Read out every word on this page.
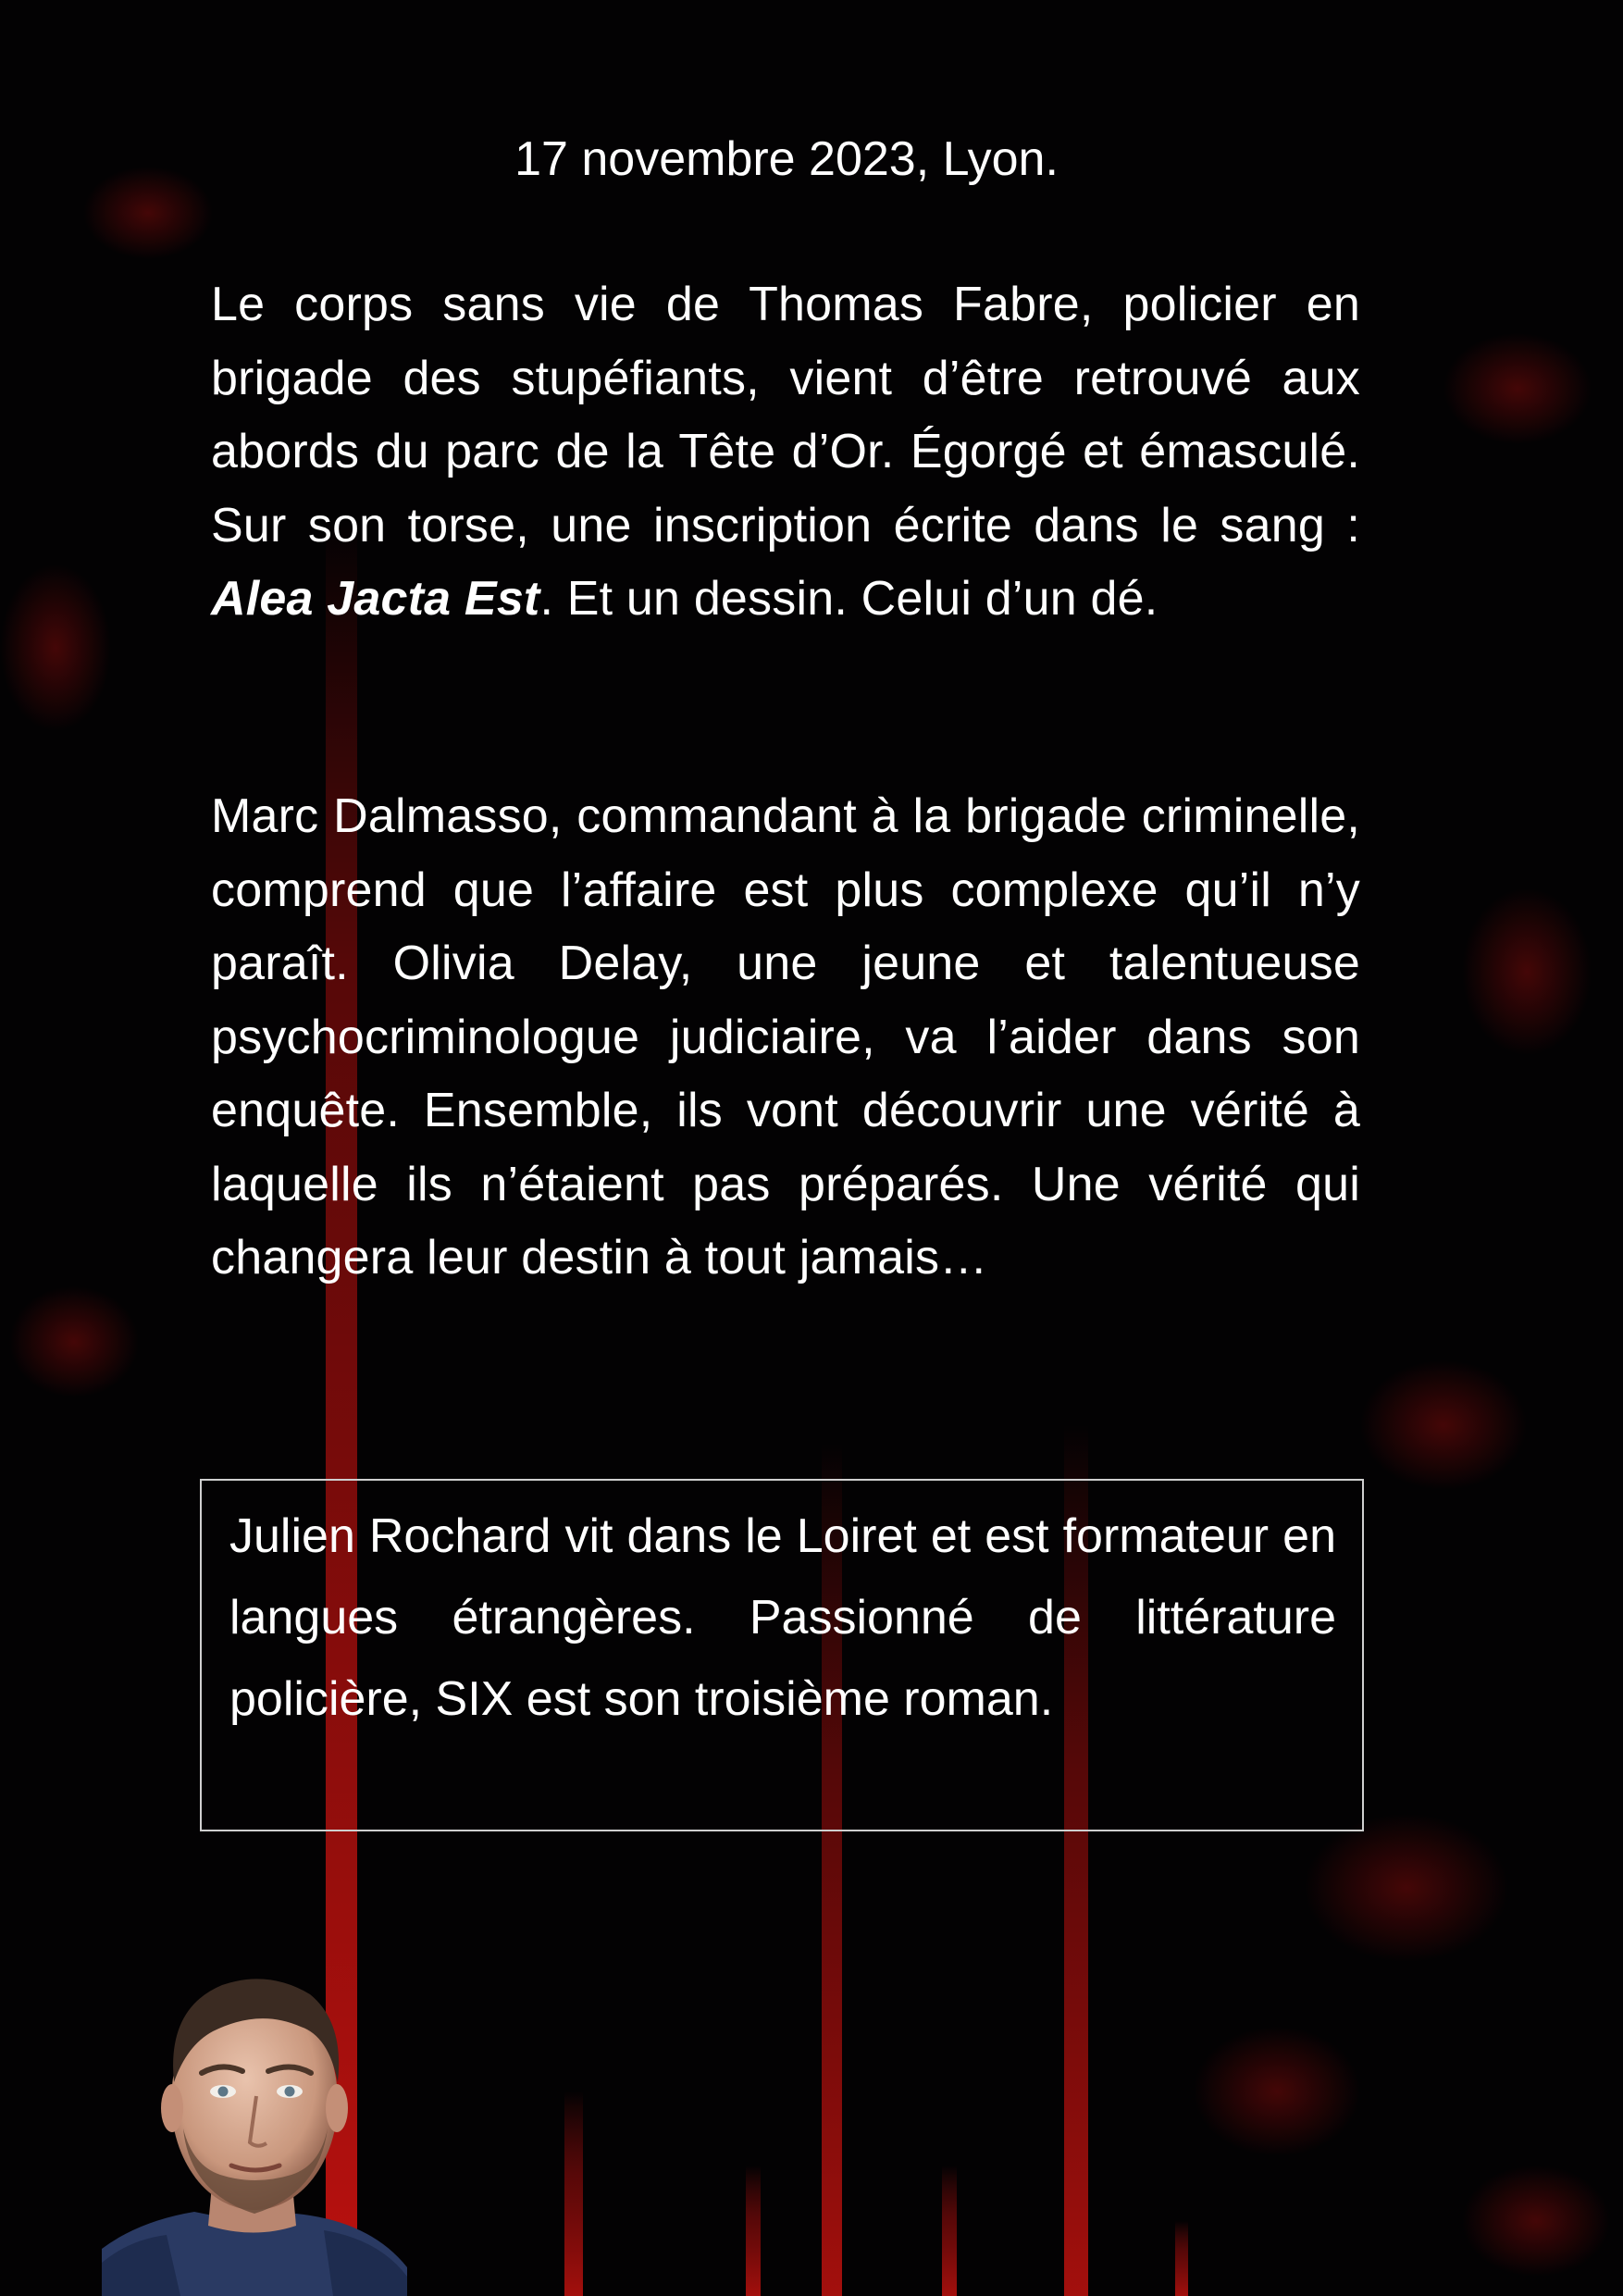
17 novembre 2023, Lyon.
Le corps sans vie de Thomas Fabre, policier en brigade des stupéfiants, vient d’être retrouvé aux abords du parc de la Tête d’Or. Égorgé et émasculé. Sur son torse, une inscription écrite dans le sang : Alea Jacta Est. Et un dessin. Celui d’un dé.
Marc Dalmasso, commandant à la brigade criminelle, comprend que l’affaire est plus complexe qu’il n’y paraît. Olivia Delay, une jeune et talentueuse psychocriminologue judiciaire, va l’aider dans son enquête. Ensemble, ils vont découvrir une vérité à laquelle ils n’étaient pas préparés. Une vérité qui changera leur destin à tout jamais…
Julien Rochard vit dans le Loiret et est formateur en langues étrangères. Passionné de littérature policière, SIX est son troisième roman.
